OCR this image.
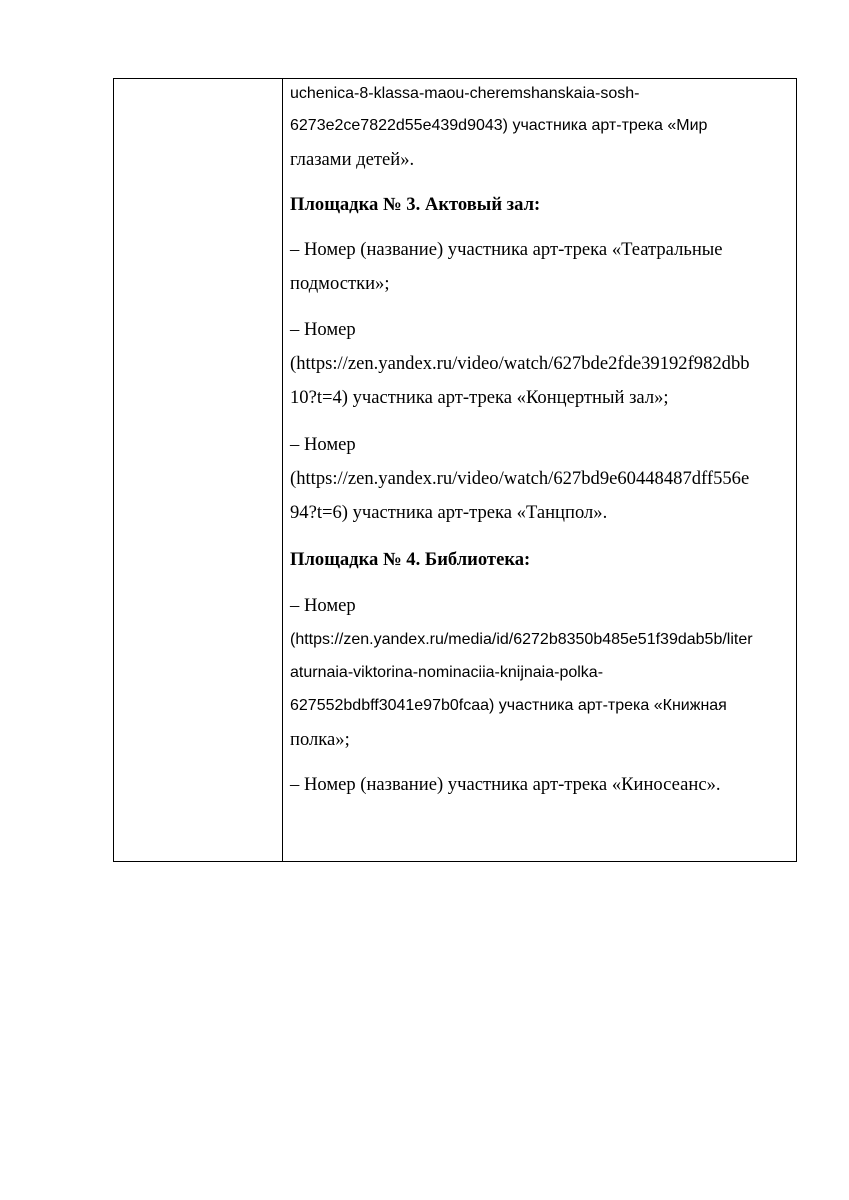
uchenica-8-klassa-maou-cheremshanskaia-sosh-
6273e2ce7822d55e439d9043) участника арт-трека «Мир
глазами детей».
Площадка № 3. Актовый зал:
– Номер (название) участника арт-трека «Театральные
подмостки»;
– Номер
(https://zen.yandex.ru/video/watch/627bde2fde39192f982dbb
10?t=4) участника арт-трека «Концертный зал»;
– Номер
(https://zen.yandex.ru/video/watch/627bd9e60448487dff556e
94?t=6) участника арт-трека «Танцпол».
Площадка № 4. Библиотека:
– Номер
(https://zen.yandex.ru/media/id/6272b8350b485e51f39dab5b/liter
aturnaia-viktorina-nominaciia-knijnaia-polka-
627552bdbff3041e97b0fcaa) участника арт-трека «Книжная
полка»;
– Номер (название) участника арт-трека «Киносеанс».
